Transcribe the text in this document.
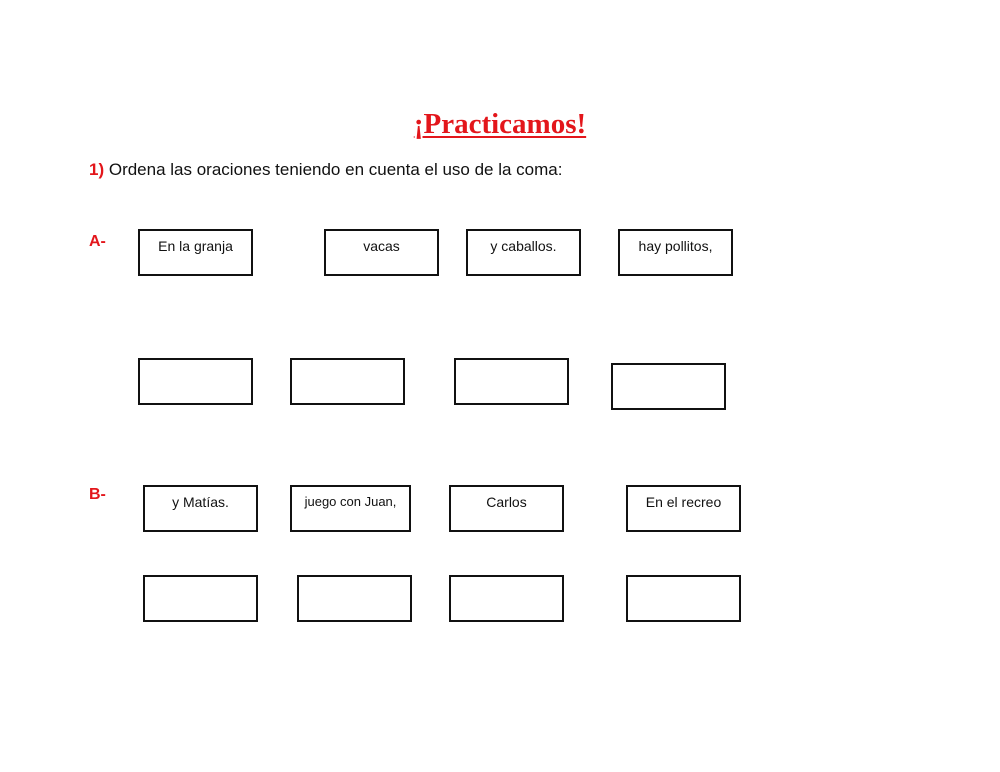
¡Practicamos!
1) Ordena las oraciones teniendo en cuenta el uso de la coma:
A-	En la granja	vacas	y caballos.	hay pollitos,
B-	y Matías.	juego con Juan,	Carlos	En el recreo
